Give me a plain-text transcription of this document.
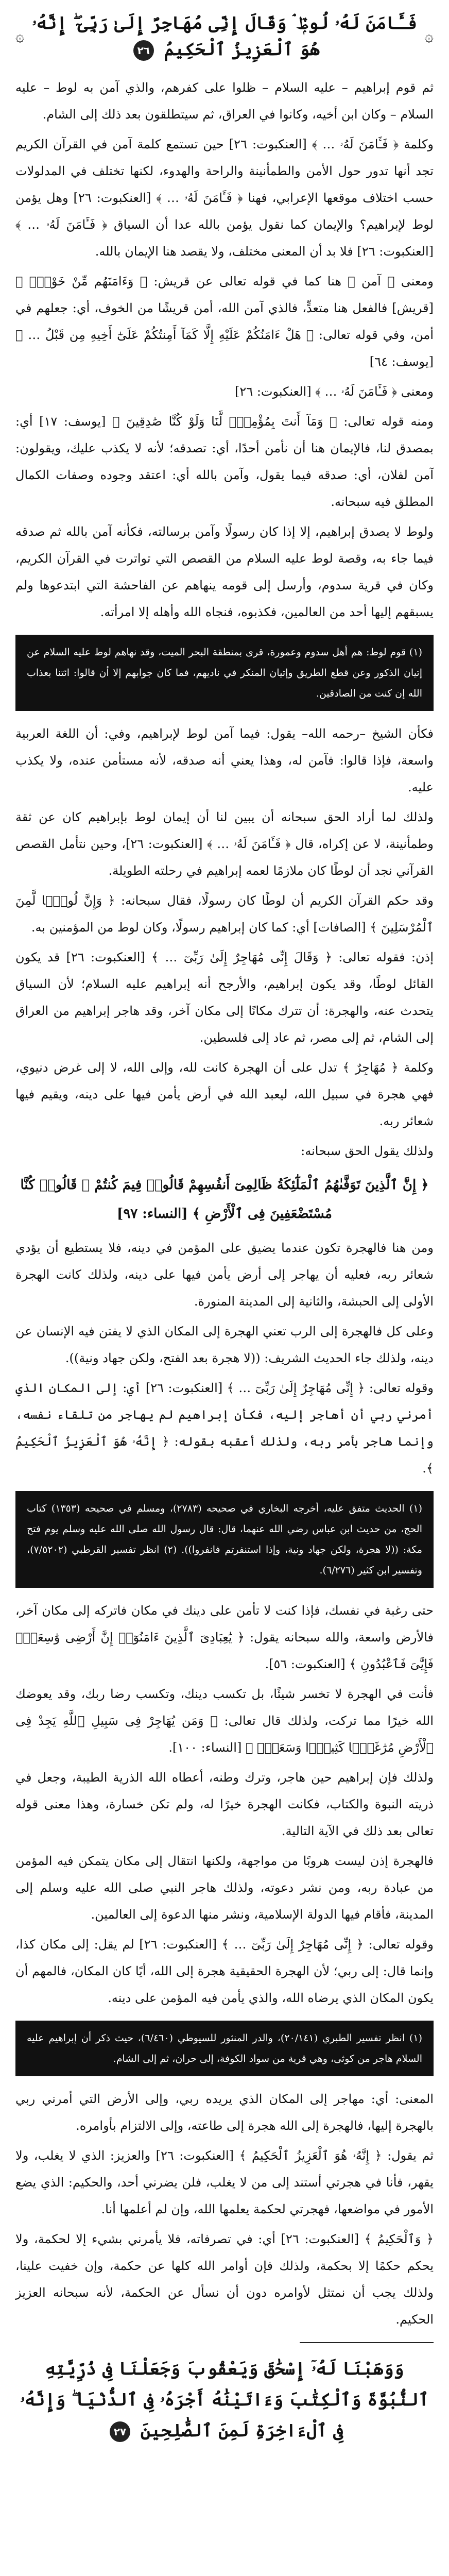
۞
فَـَٔامَنَ لَهُۥ لُوطٌۭ ۘ وَقَالَ إِنِّى مُهَاجِرٌ إِلَىٰ رَبِّىٓ ۖ إِنَّهُۥ هُوَ ٱلْعَزِيزُ ٱلْحَكِيمُ ٢٦
۞

ثم قوم إبراهيم – عليه السلام – ظلوا على كفرهم، والذي آمن به لوط – عليه السلام – وكان ابن أخيه، وكانوا في العراق، ثم سيتطلقون بعد ذلك إلى الشام.

وكلمة ﴿ فَـَٔامَنَ لَهُۥ … ﴾ [العنكبوت: ٢٦] حين تستمع كلمة آمن في القرآن الكريم تجد أنها تدور حول الأمن والطمأنينة والراحة والهدوء، لكنها تختلف في المدلولات حسب اختلاف موقعها الإعرابي، فهنا ﴿ فَـَٔامَنَ لَهُۥ … ﴾ [العنكبوت: ٢٦] وهل يؤمن لوط لإبراهيم؟ والإيمان كما نقول يؤمن بالله عدا أن السياق ﴿ فَـَٔامَنَ لَهُۥ … ﴾ [العنكبوت: ٢٦] فلا بد أن المعنى مختلف، ولا يقصد هنا الإيمان بالله.

ومعنى ﴿ آمن ﴾ هنا كما في قوله تعالى عن قريش: ﴿ وَءَامَنَهُم مِّنْ خَوْفٍۭ ﴾ [قريش] فالفعل هنا متعدٍّ، فالذي آمن الله، أمن قريشًا من الخوف، أي: جعلهم في أمن، وفي قوله تعالى: ﴿ هَلْ ءَامَنُكُمْ عَلَيْهِ إِلَّا كَمَآ أَمِنتُكُمْ عَلَىٰٓ أَخِيهِ مِن قَبْلُ … ﴾ [يوسف: ٦٤]

ومعنى ﴿ فَـَٔامَنَ لَهُۥ … ﴾ [العنكبوت: ٢٦]

ومنه قوله تعالى: ﴿ وَمَآ أَنتَ بِمُؤْمِنٍۢ لَّنَا وَلَوْ كُنَّا صَٰدِقِينَ ﴾ [يوسف: ١٧] أي: بمصدق لنا، فالإيمان هنا أن نأمن أحدًا، أي: تصدقه؛ لأنه لا يكذب عليك، ويقولون: آمن لفلان، أي: صدقه فيما يقول، وآمن بالله أي: اعتقد وجوده وصفات الكمال المطلق فيه سبحانه.

ولوط لا يصدق إبراهيم، إلا إذا كان رسولًا وآمن برسالته، فكأنه آمن بالله ثم صدقه فيما جاء به، وقصة لوط عليه السلام من القصص التي تواترت في القرآن الكريم، وكان في قرية سدوم، وأرسل إلى قومه ينهاهم عن الفاحشة التي ابتدعوها ولم يسبقهم إليها أحد من العالمين، فكذبوه، فنجاه الله وأهله إلا امرأته.

(١) قوم لوط: هم أهل سدوم وعمورة، قرى بمنطقة البحر الميت، وقد نهاهم لوط عليه السلام عن إتيان الذكور وعن قطع الطريق وإتيان المنكر في ناديهم، فما كان جوابهم إلا أن قالوا: ائتنا بعذاب الله إن كنت من الصادقين.

فكأن الشيخ –رحمه الله– يقول: فيما آمن لوط لإبراهيم، وفي: أن اللغة العربية واسعة، فإذا قالوا: فآمن له، وهذا يعني أنه صدقه، لأنه مستأمن عنده، ولا يكذب عليه.

ولذلك لما أراد الحق سبحانه أن يبين لنا أن إيمان لوط بإبراهيم كان عن ثقة وطمأنينة، لا عن إكراه، قال ﴿ فَـَٔامَنَ لَهُۥ … ﴾ [العنكبوت: ٢٦]، وحين نتأمل القصص القرآني نجد أن لوطًا كان ملازمًا لعمه إبراهيم في رحلته الطويلة.

وقد حكم القرآن الكريم أن لوطًا كان رسولًا، فقال سبحانه: ﴿ وَإِنَّ لُوطًۭا لَّمِنَ ٱلْمُرْسَلِينَ ﴾ [الصافات] أي: كما كان إبراهيم رسولًا، وكان لوط من المؤمنين به.

إذن: فقوله تعالى: ﴿ وَقَالَ إِنِّى مُهَاجِرٌ إِلَىٰ رَبِّىٓ … ﴾ [العنكبوت: ٢٦] قد يكون القائل لوطًا، وقد يكون إبراهيم، والأرجح أنه إبراهيم عليه السلام؛ لأن السياق يتحدث عنه، والهجرة: أن تترك مكانًا إلى مكان آخر، وقد هاجر إبراهيم من العراق إلى الشام، ثم إلى مصر، ثم عاد إلى فلسطين.

وكلمة ﴿ مُهَاجِرٌ ﴾ تدل على أن الهجرة كانت لله، وإلى الله، لا إلى غرض دنيوي، فهي هجرة في سبيل الله، ليعبد الله في أرض يأمن فيها على دينه، ويقيم فيها شعائر ربه.

ولذلك يقول الحق سبحانه:

﴿ إِنَّ ٱلَّذِينَ تَوَفَّىٰهُمُ ٱلْمَلَٰٓئِكَةُ ظَالِمِىٓ أَنفُسِهِمْ قَالُوا۟ فِيمَ كُنتُمْ ۖ قَالُوا۟ كُنَّا مُسْتَضْعَفِينَ فِى ٱلْأَرْضِ ﴾ [النساء: ٩٧]

ومن هنا فالهجرة تكون عندما يضيق على المؤمن في دينه، فلا يستطيع أن يؤدي شعائر ربه، فعليه أن يهاجر إلى أرض يأمن فيها على دينه، ولذلك كانت الهجرة الأولى إلى الحبشة، والثانية إلى المدينة المنورة.

وعلى كل فالهجرة إلى الرب تعني الهجرة إلى المكان الذي لا يفتن فيه الإنسان عن دينه، ولذلك جاء الحديث الشريف: ((لا هجرة بعد الفتح، ولكن جهاد ونية)).

وقوله تعالى: ﴿ إِنِّى مُهَاجِرٌ إِلَىٰ رَبِّىٓ … ﴾ [العنكبوت: ٢٦] أي: إلى المكان الذي أمرني ربي أن أهاجر إليه، فكأن إبراهيم لم يهاجر من تلقاء نفسه، وإنما هاجر بأمر ربه، ولذلك أعقبه بقوله: ﴿ إِنَّهُۥ هُوَ ٱلْعَزِيزُ ٱلْحَكِيمُ ﴾.

(١) الحديث متفق عليه، أخرجه البخاري في صحيحه (٢٧٨٣)، ومسلم في صحيحه (١٣٥٣) كتاب الحج، من حديث ابن عباس رضي الله عنهما، قال: قال رسول الله صلى الله عليه وسلم يوم فتح مكة: ((لا هجرة، ولكن جهاد ونية، وإذا استنفرتم فانفروا)). (٢) انظر تفسير القرطبي (٧/٥٢٠٢)، وتفسير ابن كثير (٦/٢٧٦).

حتى رغبة في نفسك، فإذا كنت لا تأمن على دينك في مكان فاتركه إلى مكان آخر، فالأرض واسعة، والله سبحانه يقول: ﴿ يَٰعِبَادِىَ ٱلَّذِينَ ءَامَنُوٓا۟ إِنَّ أَرْضِى وَٰسِعَةٌۭ فَإِيَّٰىَ فَٱعْبُدُونِ ﴾ [العنكبوت: ٥٦].

فأنت في الهجرة لا تخسر شيئًا، بل تكسب دينك، وتكسب رضا ربك، وقد يعوضك الله خيرًا مما تركت، ولذلك قال تعالى: ﴿ وَمَن يُهَاجِرْ فِى سَبِيلِ ٱللَّهِ يَجِدْ فِى ٱلْأَرْضِ مُرَٰغَمًۭا كَثِيرًۭا وَسَعَةًۭ ﴾ [النساء: ١٠٠].

ولذلك فإن إبراهيم حين هاجر، وترك وطنه، أعطاه الله الذرية الطيبة، وجعل في ذريته النبوة والكتاب، فكانت الهجرة خيرًا له، ولم تكن خسارة، وهذا معنى قوله تعالى بعد ذلك في الآية التالية.

فالهجرة إذن ليست هروبًا من مواجهة، ولكنها انتقال إلى مكان يتمكن فيه المؤمن من عبادة ربه، ومن نشر دعوته، ولذلك هاجر النبي صلى الله عليه وسلم إلى المدينة، فأقام فيها الدولة الإسلامية، ونشر منها الدعوة إلى العالمين.

وقوله تعالى: ﴿ إِنِّى مُهَاجِرٌ إِلَىٰ رَبِّىٓ … ﴾ [العنكبوت: ٢٦] لم يقل: إلى مكان كذا، وإنما قال: إلى ربي؛ لأن الهجرة الحقيقية هجرة إلى الله، أيًا كان المكان، فالمهم أن يكون المكان الذي يرضاه الله، والذي يأمن فيه المؤمن على دينه.

(١) انظر تفسير الطبري (٢٠/١٤١)، والدر المنثور للسيوطي (٦/٤٦٠)، حيث ذكر أن إبراهيم عليه السلام هاجر من كوثى، وهي قرية من سواد الكوفة، إلى حران، ثم إلى الشام.

المعنى: أي: مهاجر إلى المكان الذي يريده ربي، وإلى الأرض التي أمرني ربي بالهجرة إليها، فالهجرة إلى الله هجرة إلى طاعته، وإلى الالتزام بأوامره.

ثم يقول: ﴿ إِنَّهُۥ هُوَ ٱلْعَزِيزُ ٱلْحَكِيمُ ﴾ [العنكبوت: ٢٦] والعزيز: الذي لا يغلب، ولا يقهر، فأنا في هجرتي أستند إلى من لا يغلب، فلن يضرني أحد، والحكيم: الذي يضع الأمور في مواضعها، فهجرتي لحكمة يعلمها الله، وإن لم أعلمها أنا.

﴿ وَٱلْحَكِيمُ ﴾ [العنكبوت: ٢٦] أي: في تصرفاته، فلا يأمرني بشيء إلا لحكمة، ولا يحكم حكمًا إلا بحكمة، ولذلك فإن أوامر الله كلها عن حكمة، وإن خفيت علينا، ولذلك يجب أن نمتثل لأوامره دون أن نسأل عن الحكمة، لأنه سبحانه العزيز الحكيم.

وَوَهَبْنَا لَهُۥٓ إِسْحَٰقَ وَيَعْقُوبَ وَجَعَلْنَا فِى ذُرِّيَّتِهِ ٱلنُّبُوَّةَ وَٱلْكِتَٰبَ وَءَاتَيْنَٰهُ أَجْرَهُۥ فِى ٱلدُّنْيَا ۖ وَإِنَّهُۥ فِى ٱلْءَاخِرَةِ لَمِنَ ٱلصَّٰلِحِينَ ٢٧
